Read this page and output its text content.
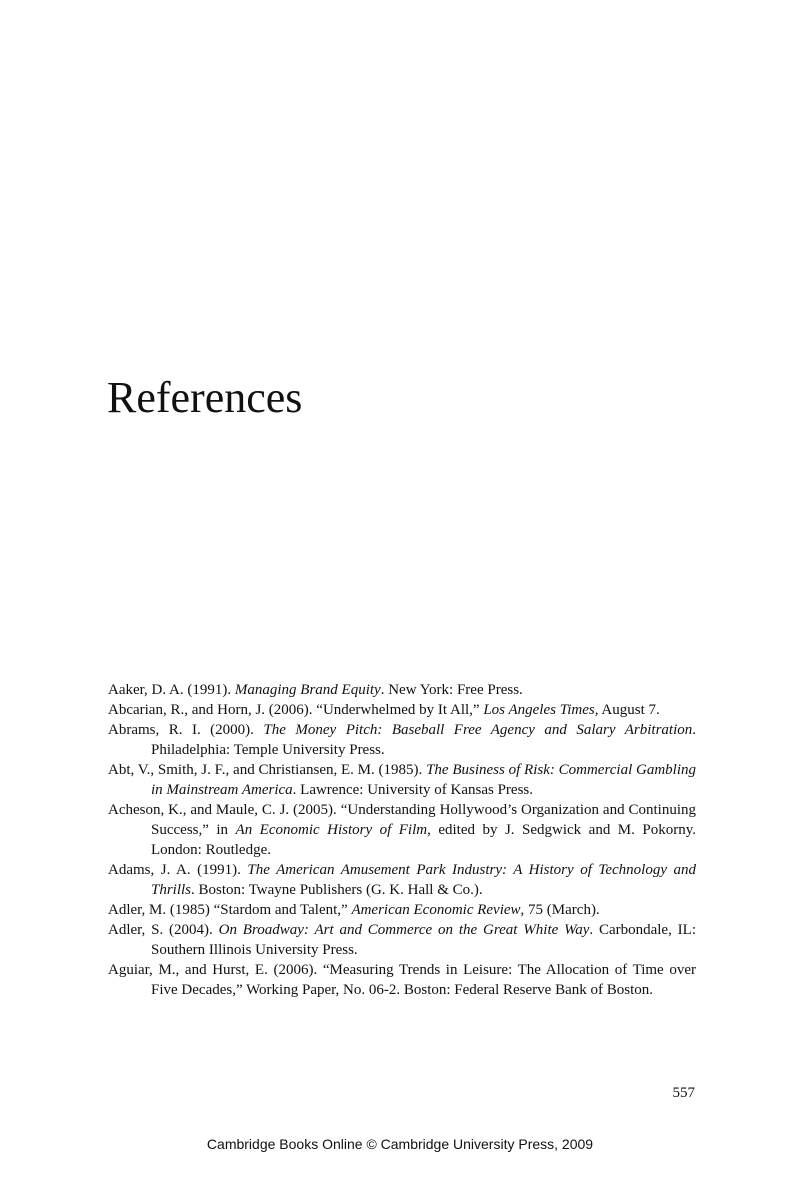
References
Aaker, D. A. (1991). Managing Brand Equity. New York: Free Press.
Abcarian, R., and Horn, J. (2006). “Underwhelmed by It All,” Los Angeles Times, August 7.
Abrams, R. I. (2000). The Money Pitch: Baseball Free Agency and Salary Arbitration. Philadelphia: Temple University Press.
Abt, V., Smith, J. F., and Christiansen, E. M. (1985). The Business of Risk: Commercial Gambling in Mainstream America. Lawrence: University of Kansas Press.
Acheson, K., and Maule, C. J. (2005). “Understanding Hollywood’s Organization and Continuing Success,” in An Economic History of Film, edited by J. Sedgwick and M. Pokorny. London: Routledge.
Adams, J. A. (1991). The American Amusement Park Industry: A History of Technology and Thrills. Boston: Twayne Publishers (G. K. Hall & Co.).
Adler, M. (1985) “Stardom and Talent,” American Economic Review, 75 (March).
Adler, S. (2004). On Broadway: Art and Commerce on the Great White Way. Carbondale, IL: Southern Illinois University Press.
Aguiar, M., and Hurst, E. (2006). “Measuring Trends in Leisure: The Allocation of Time over Five Decades,” Working Paper, No. 06-2. Boston: Federal Reserve Bank of Boston.
557
Cambridge Books Online © Cambridge University Press, 2009
